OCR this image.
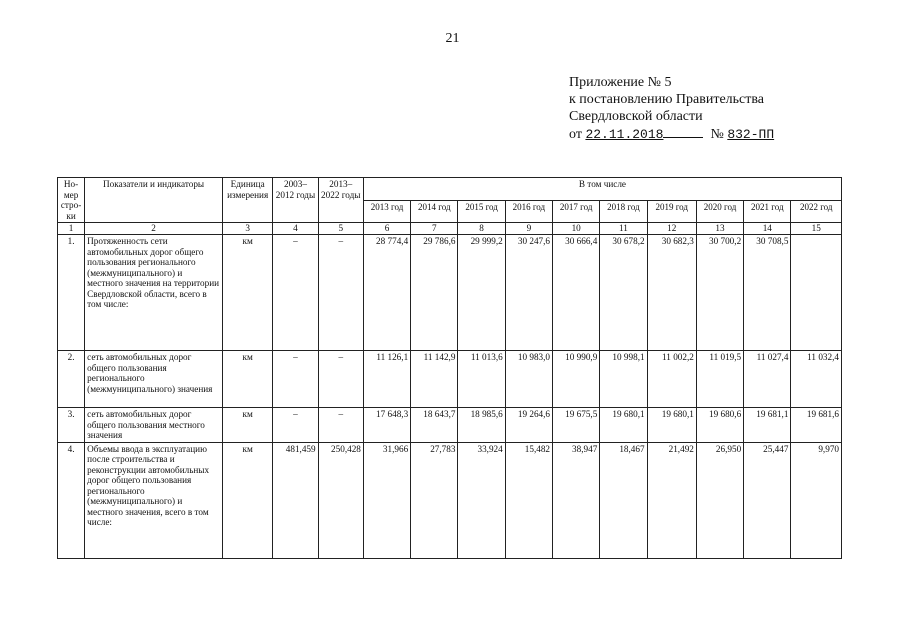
21
Приложение № 5
к постановлению Правительства
Свердловской области
от 22.11.2018	№ 832-ПП
Но-мер стро-ки	Показатели и индикаторы	Единица измерения	2003–2012 годы	2013–2022 годы	В том числе									
					2013 год	2014 год	2015 год	2016 год	2017 год	2018 год	2019 год	2020 год	2021 год	2022 год
1	2	3	4	5	6	7	8	9	10	11	12	13	14	15
1.	Протяженность сети автомобильных дорог общего пользования регионального (межмуниципального) и местного значения на территории Свердловской области, всего в том числе:	км	–	–	28 774,4	29 786,6	29 999,2	30 247,6	30 666,4	30 678,2	30 682,3	30 700,2	30 708,5	
2.	сеть автомобильных дорог общего пользования регионального (межмуниципального) значения	км	–	–	11 126,1	11 142,9	11 013,6	10 983,0	10 990,9	10 998,1	11 002,2	11 019,5	11 027,4	11 032,4
3.	сеть автомобильных дорог общего пользования местного значения	км	–	–	17 648,3	18 643,7	18 985,6	19 264,6	19 675,5	19 680,1	19 680,1	19 680,6	19 681,1	19 681,6
4.	Объемы ввода в эксплуатацию после строительства и реконструкции автомобильных дорог общего пользования регионального (межмуниципального) и местного значения, всего в том числе:	км	481,459	250,428	31,966	27,783	33,924	15,482	38,947	18,467	21,492	26,950	25,447	9,970
